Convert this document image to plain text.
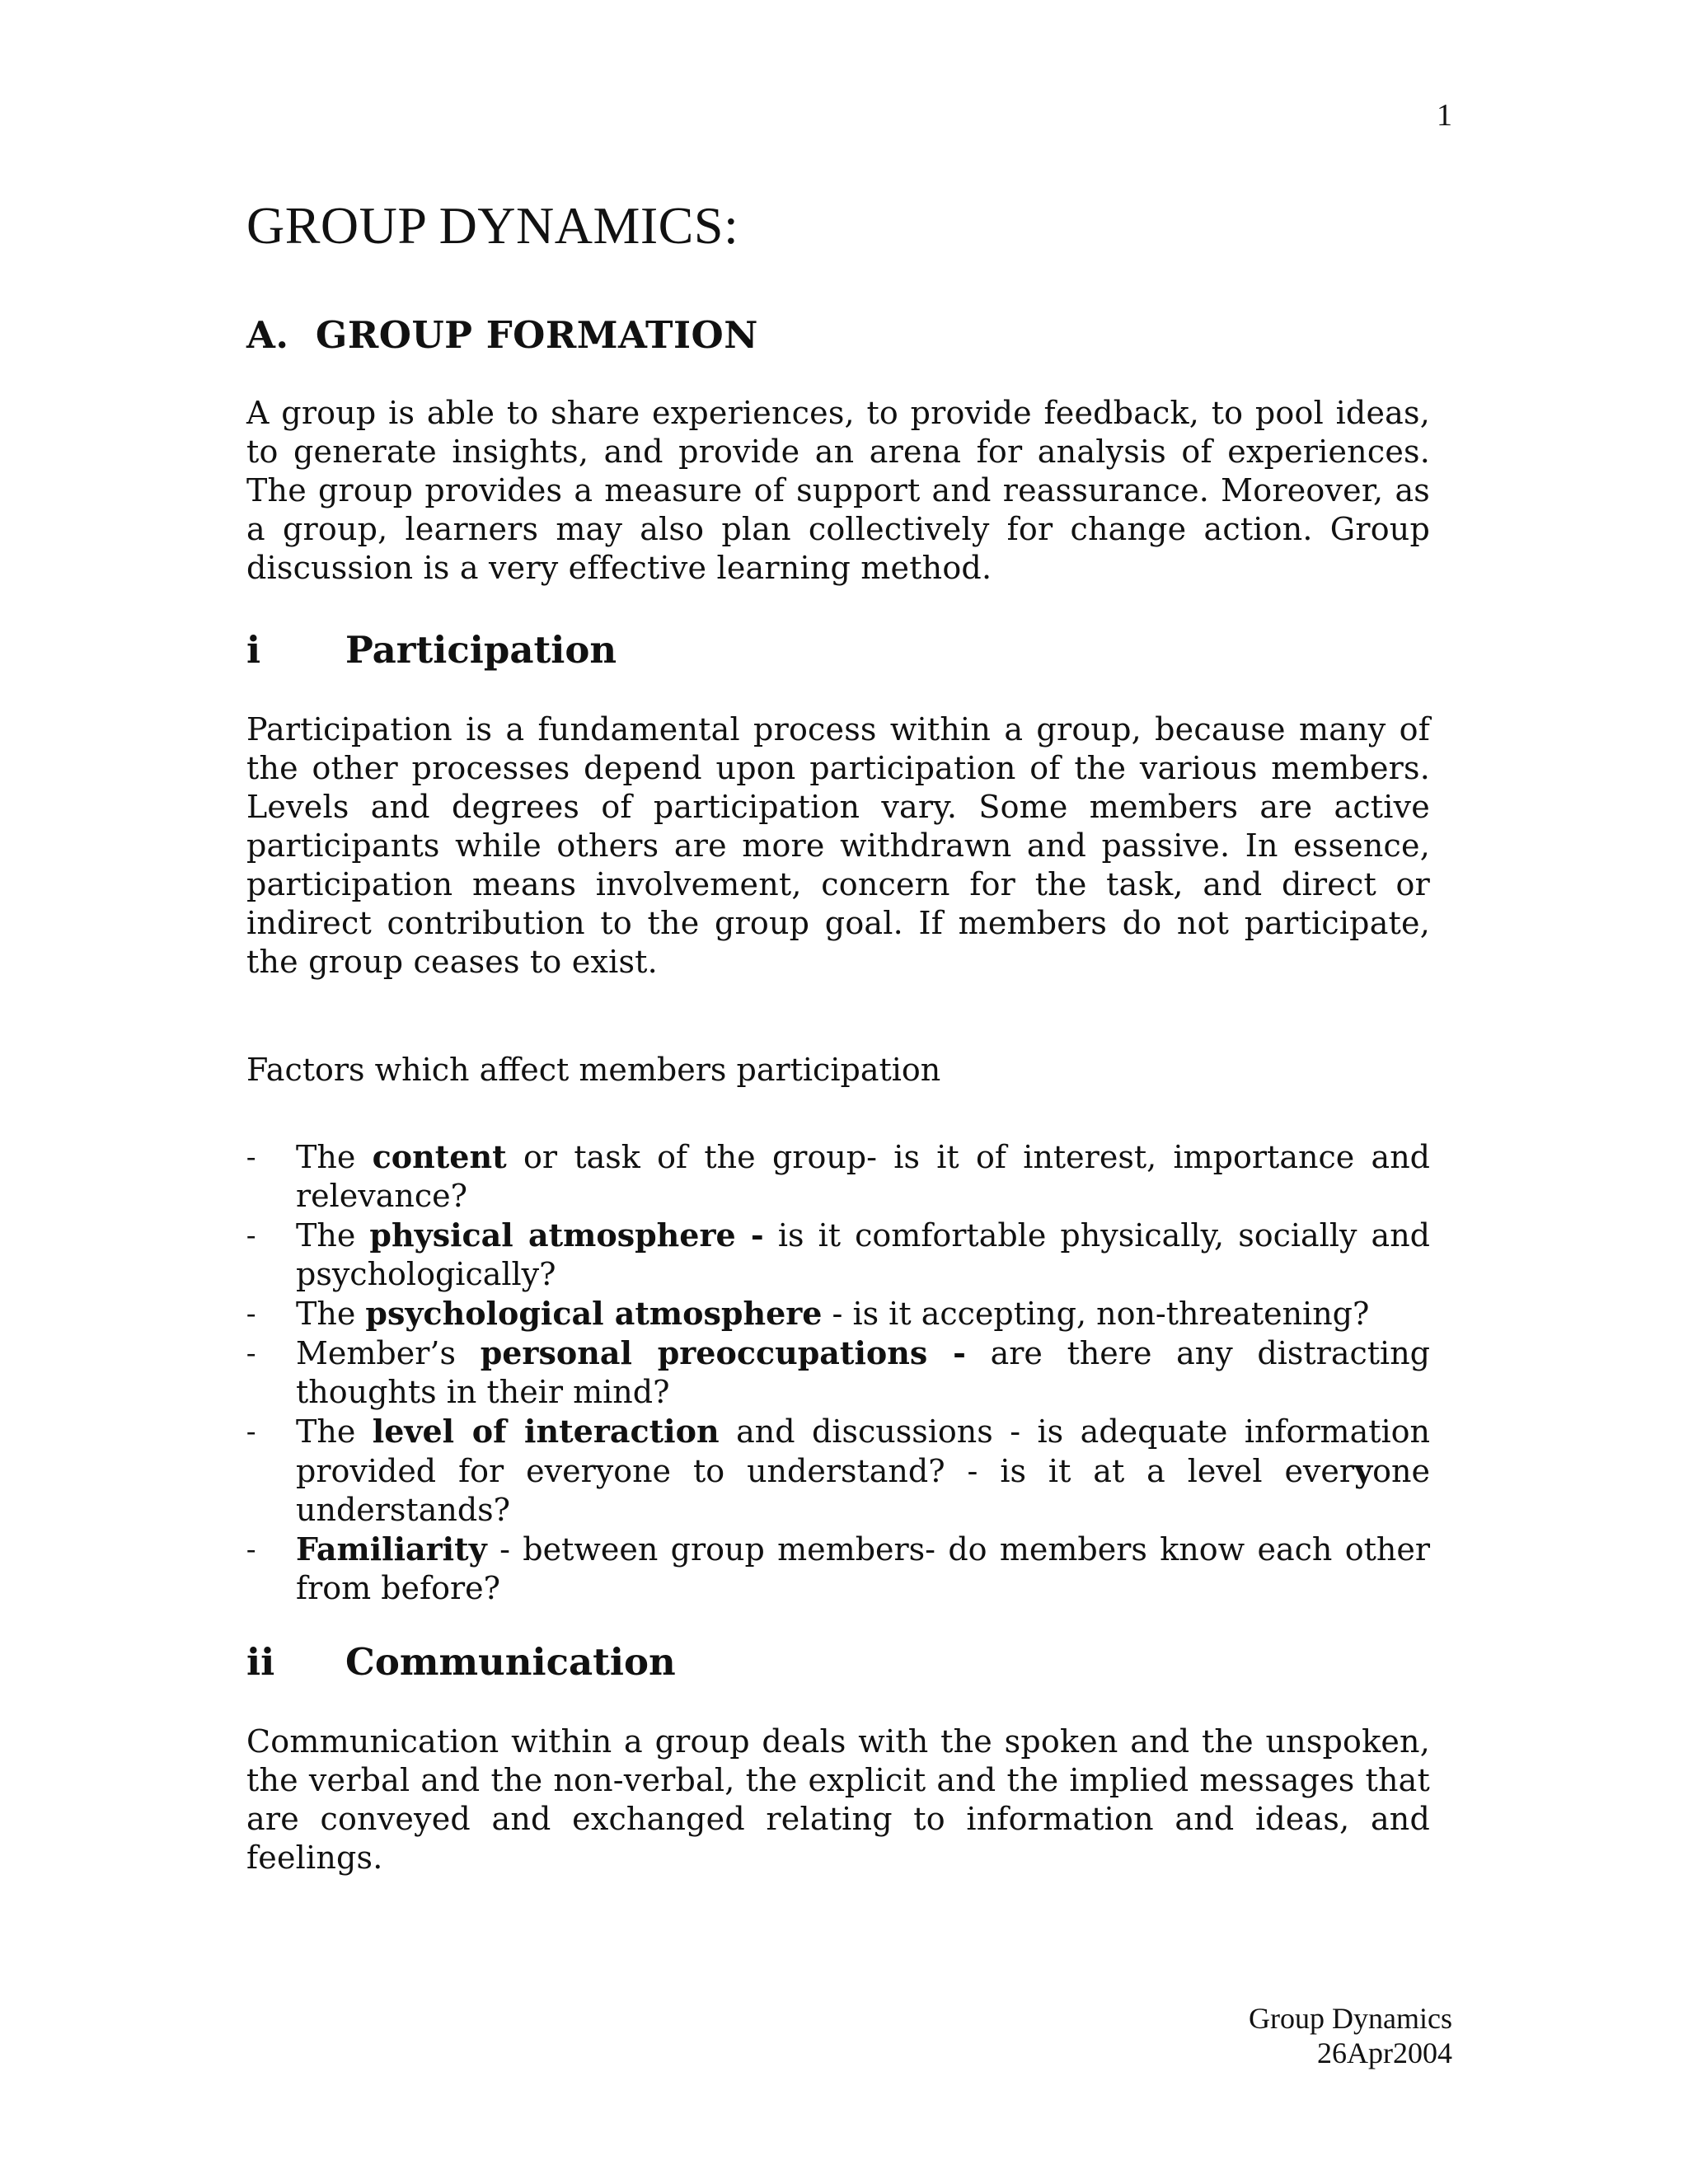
1
GROUP DYNAMICS:
A.  GROUP FORMATION

A group is able to share experiences, to provide feedback, to pool ideas,
to generate insights, and provide an arena for analysis of experiences.
The group provides a measure of support and reassurance. Moreover, as
a group, learners may also plan collectively for change action. Group
discussion is a very effective learning method.

i Participation

Participation is a fundamental process within a group, because many of
the other processes depend upon participation of the various members.
Levels and degrees of participation vary. Some members are active
participants while others are more withdrawn and passive. In essence,
participation means involvement, concern for the task, and direct or
indirect contribution to the group goal. If members do not participate,
the group ceases to exist.

Factors which affect members participation

- The content or task of the group- is it of interest, importance and
relevance?
- The physical atmosphere - is it comfortable physically, socially and
psychologically?
- The psychological atmosphere - is it accepting, non-threatening?
- Member’s personal preoccupations - are there any distracting
thoughts in their mind?
- The level of interaction and discussions - is adequate information
provided for everyone to understand? - is it at a level everyone
understands?
- Familiarity - between group members- do members know each other
from before?
ii Communication

Communication within a group deals with the spoken and the unspoken,
the verbal and the non-verbal, the explicit and the implied messages that
are conveyed and exchanged relating to information and ideas, and
feelings.

Group Dynamics
26Apr2004
